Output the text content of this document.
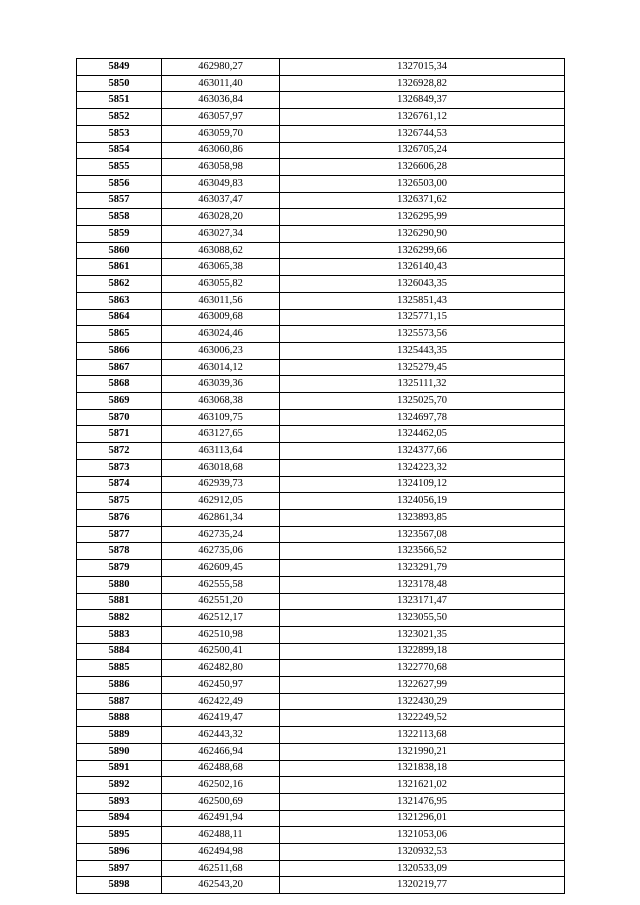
5849	462980,27	1327015,34
5850	463011,40	1326928,82
5851	463036,84	1326849,37
5852	463057,97	1326761,12
5853	463059,70	1326744,53
5854	463060,86	1326705,24
5855	463058,98	1326606,28
5856	463049,83	1326503,00
5857	463037,47	1326371,62
5858	463028,20	1326295,99
5859	463027,34	1326290,90
5860	463088,62	1326299,66
5861	463065,38	1326140,43
5862	463055,82	1326043,35
5863	463011,56	1325851,43
5864	463009,68	1325771,15
5865	463024,46	1325573,56
5866	463006,23	1325443,35
5867	463014,12	1325279,45
5868	463039,36	1325111,32
5869	463068,38	1325025,70
5870	463109,75	1324697,78
5871	463127,65	1324462,05
5872	463113,64	1324377,66
5873	463018,68	1324223,32
5874	462939,73	1324109,12
5875	462912,05	1324056,19
5876	462861,34	1323893,85
5877	462735,24	1323567,08
5878	462735,06	1323566,52
5879	462609,45	1323291,79
5880	462555,58	1323178,48
5881	462551,20	1323171,47
5882	462512,17	1323055,50
5883	462510,98	1323021,35
5884	462500,41	1322899,18
5885	462482,80	1322770,68
5886	462450,97	1322627,99
5887	462422,49	1322430,29
5888	462419,47	1322249,52
5889	462443,32	1322113,68
5890	462466,94	1321990,21
5891	462488,68	1321838,18
5892	462502,16	1321621,02
5893	462500,69	1321476,95
5894	462491,94	1321296,01
5895	462488,11	1321053,06
5896	462494,98	1320932,53
5897	462511,68	1320533,09
5898	462543,20	1320219,77
